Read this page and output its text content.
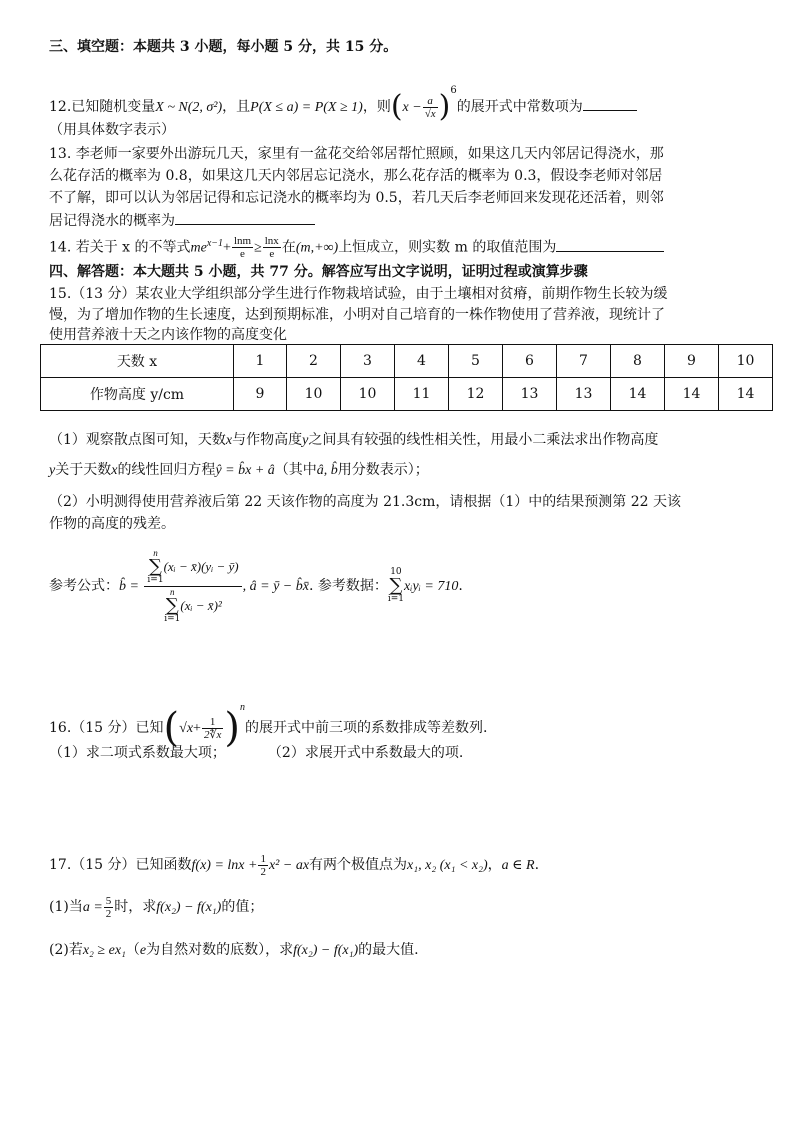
三、填空题：本题共 3 小题，每小题 5 分，共 15 分。
12.已知随机变量X ~ N(2, σ²)，且P(X ≤ a) = P(X ≥ 1)，则$(x - \frac{a}{√x} )^6$的展开式中常数项为
（用具体数字表示）
13. 李老师一家要外出游玩几天，家里有一盆花交给邻居帮忙照顾，如果这几天内邻居记得浇水，那
么花存活的概率为 0.8，如果这几天内邻居忘记浇水，那么花存活的概率为 0.3，假设李老师对邻居
不了解，即可以认为邻居记得和忘记浇水的概率均为 0.5，若几天后李老师回来发现花还活着，则邻
居记得浇水的概率为
14. 若关于 x 的不等式$me^{x-1}+ \frac{\ln m}{e} \ge \frac{\ln x}{e}$ 在(m,+∞)上恒成立，则实数 m 的取值范围为
四、解答题：本大题共 5 小题，共 77 分。解答应写出文字说明，证明过程或演算步骤
15.（13 分）某农业大学组织部分学生进行作物栽培试验，由于土壤相对贫瘠，前期作物生长较为缓
慢，为了增加作物的生长速度，达到预期标准，小明对自己培育的一株作物使用了营养液，现统计了
使用营养液十天之内该作物的高度变化
天数 x	1	2	3	4	5	6	7	8	9	10
作物高度 y/cm	9	10	10	11	12	13	13	14	14	14
（1）观察散点图可知，天数x与作物高度y之间具有较强的线性相关性，用最小二乘法求出作物高度
y关于天数x的线性回归方程ŷ = b̂x + â（其中â, b̂用分数表示）；
（2）小明测得使用营养液后第 22 天该作物的高度为 21.3cm，请根据（1）中的结果预测第 22 天该
作物的高度的残差。
参考公式：b̂ = n
∑
i=1
(xᵢ − x̄)(yᵢ − ȳ)
n
∑
i=1
(xᵢ − x̄)² , â = ȳ − b̂x̄. 参考数据：
10
∑
i=1
xᵢyᵢ = 710.
16.（15 分）已知$(√x+ \frac{1}{2∜x} )^n$的展开式中前三项的系数排成等差数列.
（1）求二项式系数最大项；	（2）求展开式中系数最大的项.
17.（15 分）已知函数$f(x) = \ln x + \frac{1}{2} x^2$ − ax有两个极值点为x₁, x₂ (x₁ < x₂)，a ∈ R.
(1)当$a = \frac{5}{2}$ 时，求f(x₂) − f(x₁)的值；
(2)若x₂ ≥ ex₁（e为自然对数的底数），求f(x₂) − f(x₁)的最大值.
